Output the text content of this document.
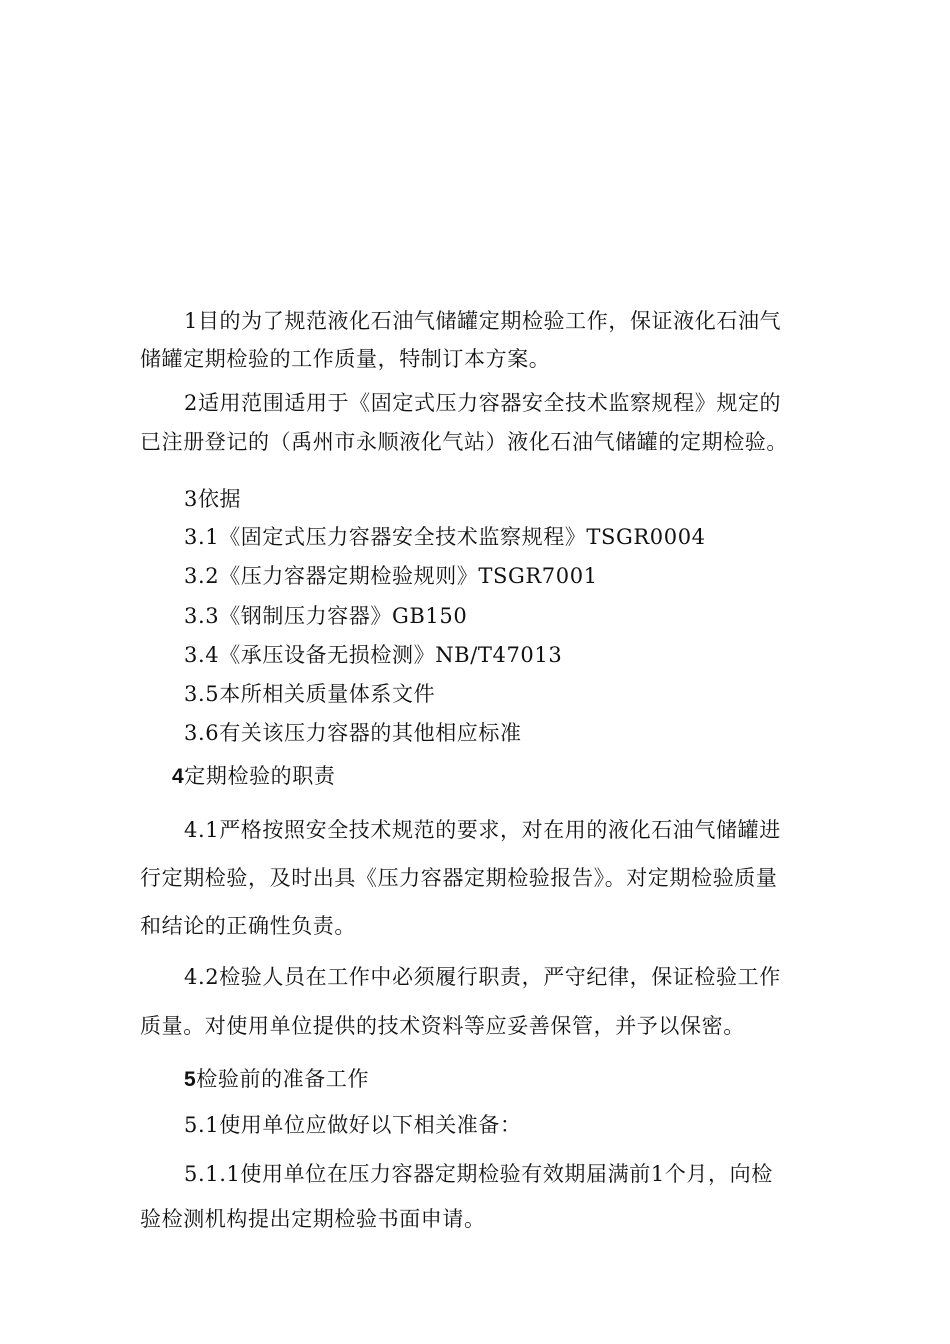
1目的为了规范液化石油气储罐定期检验工作，保证液化石油气
储罐定期检验的工作质量，特制订本方案。
2适用范围适用于《固定式压力容器安全技术监察规程》规定的
已注册登记的（禹州市永顺液化气站）液化石油气储罐的定期检验。
3依据
3.1《固定式压力容器安全技术监察规程》TSGR0004
3.2《压力容器定期检验规则》TSGR7001
3.3《钢制压力容器》GB150
3.4《承压设备无损检测》NB/T47013
3.5本所相关质量体系文件
3.6有关该压力容器的其他相应标准
4定期检验的职责
4.1严格按照安全技术规范的要求，对在用的液化石油气储罐进
行定期检验，及时出具《压力容器定期检验报告》。对定期检验质量
和结论的正确性负责。
4.2检验人员在工作中必须履行职责，严守纪律，保证检验工作
质量。对使用单位提供的技术资料等应妥善保管，并予以保密。
5检验前的准备工作
5.1使用单位应做好以下相关准备：
5.1.1使用单位在压力容器定期检验有效期届满前1个月，向检
验检测机构提出定期检验书面申请。
